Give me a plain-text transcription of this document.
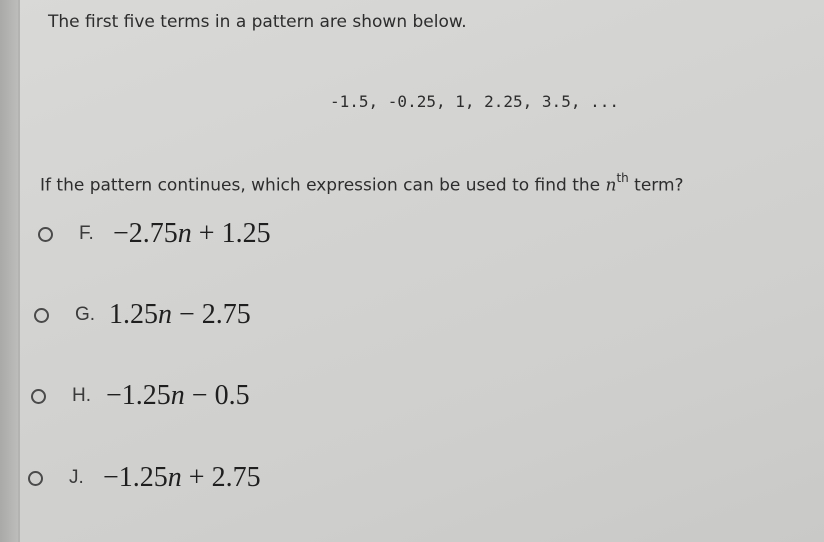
The first five terms in a pattern are shown below.
-1.5, -0.25, 1, 2.25, 3.5, ...
If the pattern continues, which expression can be used to find the $n^{th}$ term?
F. −2.75n + 1.25
G. 1.25n − 2.75
H. −1.25n − 0.5
J. −1.25n + 2.75
